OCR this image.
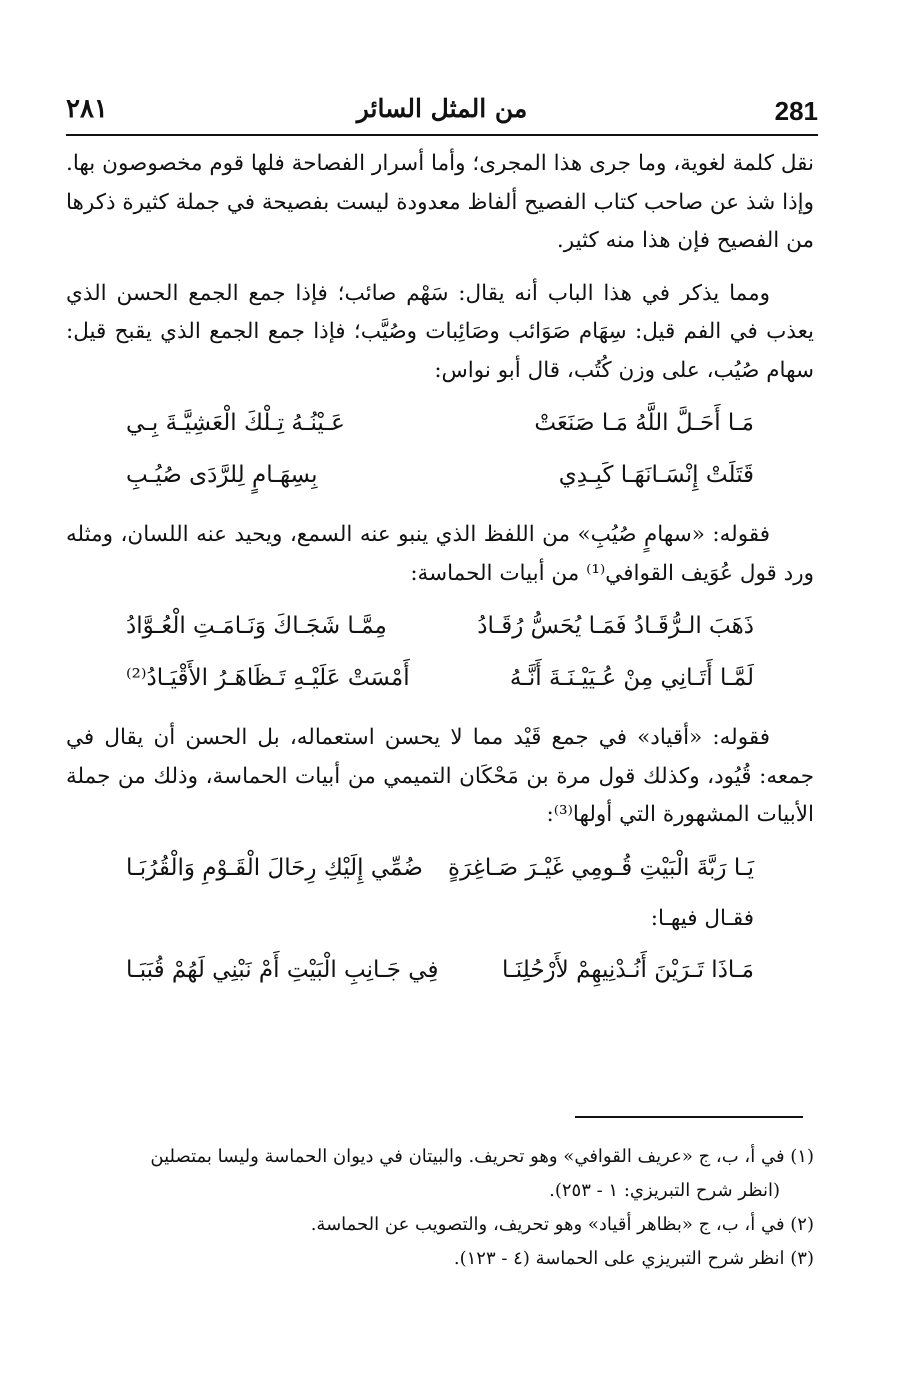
281
من المثل السائر
٢٨١

نقل كلمة لغوية، وما جرى هذا المجرى؛ وأما أسرار الفصاحة فلها قوم مخصوصون بها. وإذا شذ عن صاحب كتاب الفصيح ألفاظ معدودة ليست بفصيحة في جملة كثيرة ذكرها من الفصيح فإن هذا منه كثير.

ومما يذكر في هذا الباب أنه يقال: سَهْم صائب؛ فإذا جمع الجمع الحسن الذي يعذب في الفم قيل: سِهَام صَوَائب وصَائِبات وصُيَّب؛ فإذا جمع الجمع الذي يقبح قيل: سهام صُيُب، على وزن كُتُب، قال أبو نواس:

مَـا أَحَـلَّ اللَّهُ مَـا صَنَعَتْ
عَـيْنُـهُ تِـلْكَ الْعَشِيَّـةَ بِـي
قَتَلَتْ إِنْسَـانَهَـا كَبِـدِي
بِسِهَـامٍ لِلرَّدَى صُيُـبِ

فقوله: «سهامٍ صُيُبِ» من اللفظ الذي ينبو عنه السمع، ويحيد عنه اللسان، ومثله ورد قول عُوَيف القوافي⁽¹⁾ من أبيات الحماسة:

ذَهَبَ الـرُّقَـادُ فَمَـا يُحَسُّ رُقَـادُ
مِمَّـا شَجَـاكَ وَنَـامَـتِ الْعُـوَّادُ
لَمَّـا أَتَـانِي مِنْ عُـيَيْـنَـةَ أَنَّـهُ
أَمْسَتْ عَلَيْـهِ تَـظَاهَـرُ الأَقْيَـادُ⁽²⁾

فقوله: «أقياد» في جمع قَيْد مما لا يحسن استعماله، بل الحسن أن يقال في جمعه: قُيُود، وكذلك قول مرة بن مَحْكَان التميمي من أبيات الحماسة، وذلك من جملة الأبيات المشهورة التي أولها⁽³⁾:

يَـا رَبَّةَ الْبَيْتِ قُـومِي غَيْـرَ صَـاغِرَةٍ
ضُمِّي إِلَيْكِ رِحَالَ الْقَـوْمِ وَالْقُرُبَـا
فقـال فيهـا:
مَـاذَا تَـرَيْنَ أَنُـدْنِيهِمْ لأَرْحُلِنَـا
فِي جَـانِبِ الْبَيْتِ أَمْ نَبْنِي لَهُمْ قُبَبَـا

(١) في أ، ب، ج «عريف القوافي» وهو تحريف. والبيتان في ديوان الحماسة وليسا بمتصلين

(انظر شرح التبريزي: ١ - ٢٥٣).

(٢) في أ، ب، ج «بظاهر أقياد» وهو تحريف، والتصويب عن الحماسة.

(٣) انظر شرح التبريزي على الحماسة (٤ - ١٢٣).
